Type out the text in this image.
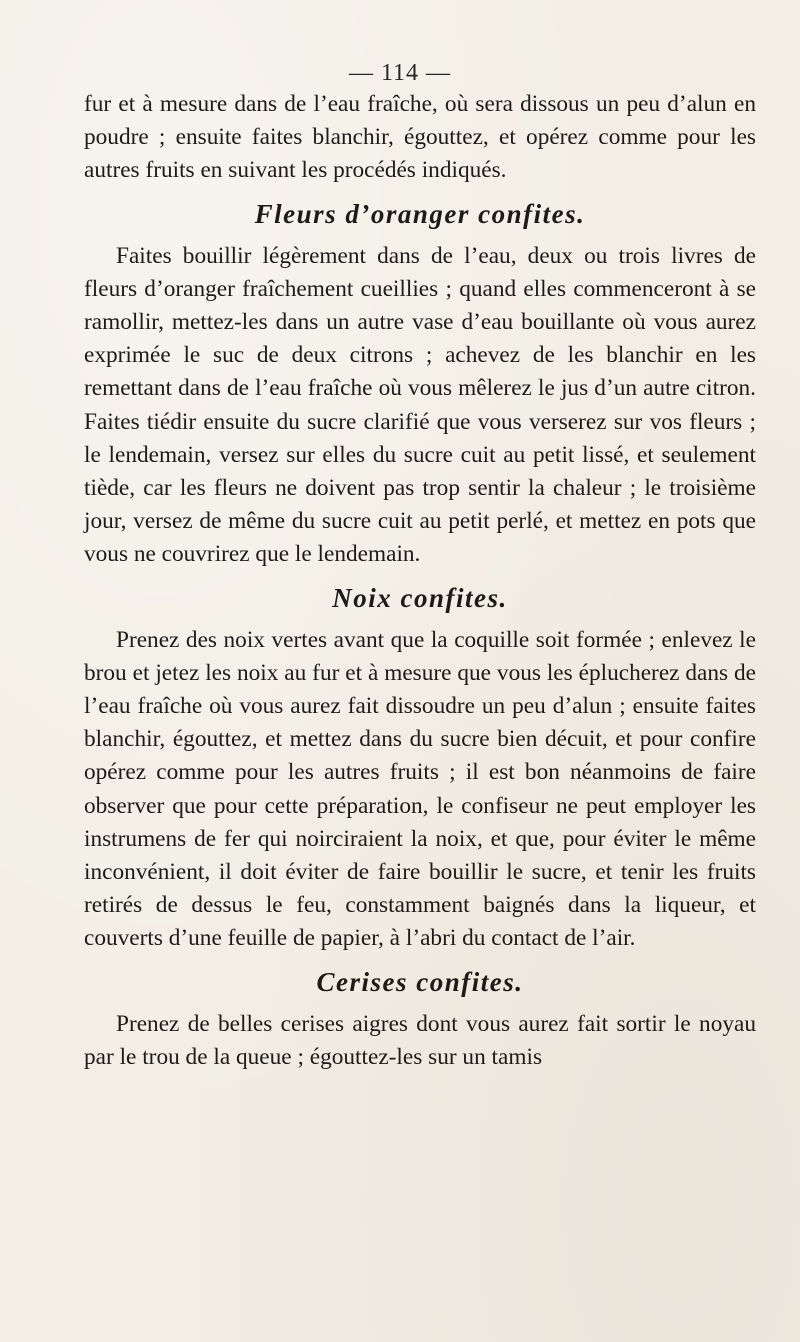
— 114 —

fur et à mesure dans de l’eau fraîche, où sera dissous un peu d’alun en poudre ; ensuite faites blanchir, égouttez, et opérez comme pour les autres fruits en suivant les procédés indiqués.

Fleurs d’oranger confites.

Faites bouillir légèrement dans de l’eau, deux ou trois livres de fleurs d’oranger fraîchement cueillies ; quand elles commenceront à se ramollir, mettez-les dans un autre vase d’eau bouillante où vous aurez exprimée le suc de deux citrons ; achevez de les blanchir en les remettant dans de l’eau fraîche où vous mêlerez le jus d’un autre citron. Faites tiédir ensuite du sucre clarifié que vous verserez sur vos fleurs ; le lendemain, versez sur elles du sucre cuit au petit lissé, et seulement tiède, car les fleurs ne doivent pas trop sentir la chaleur ; le troisième jour, versez de même du sucre cuit au petit perlé, et mettez en pots que vous ne couvrirez que le lendemain.

Noix confites.

Prenez des noix vertes avant que la coquille soit formée ; enlevez le brou et jetez les noix au fur et à mesure que vous les éplucherez dans de l’eau fraîche où vous aurez fait dissoudre un peu d’alun ; ensuite faites blanchir, égouttez, et mettez dans du sucre bien décuit, et pour confire opérez comme pour les autres fruits ; il est bon néanmoins de faire observer que pour cette préparation, le confiseur ne peut employer les instrumens de fer qui noirciraient la noix, et que, pour éviter le même inconvénient, il doit éviter de faire bouillir le sucre, et tenir les fruits retirés de dessus le feu, constamment baignés dans la liqueur, et couverts d’une feuille de papier, à l’abri du contact de l’air.

Cerises confites.

Prenez de belles cerises aigres dont vous aurez fait sortir le noyau par le trou de la queue ; égouttez-les sur un tamis
